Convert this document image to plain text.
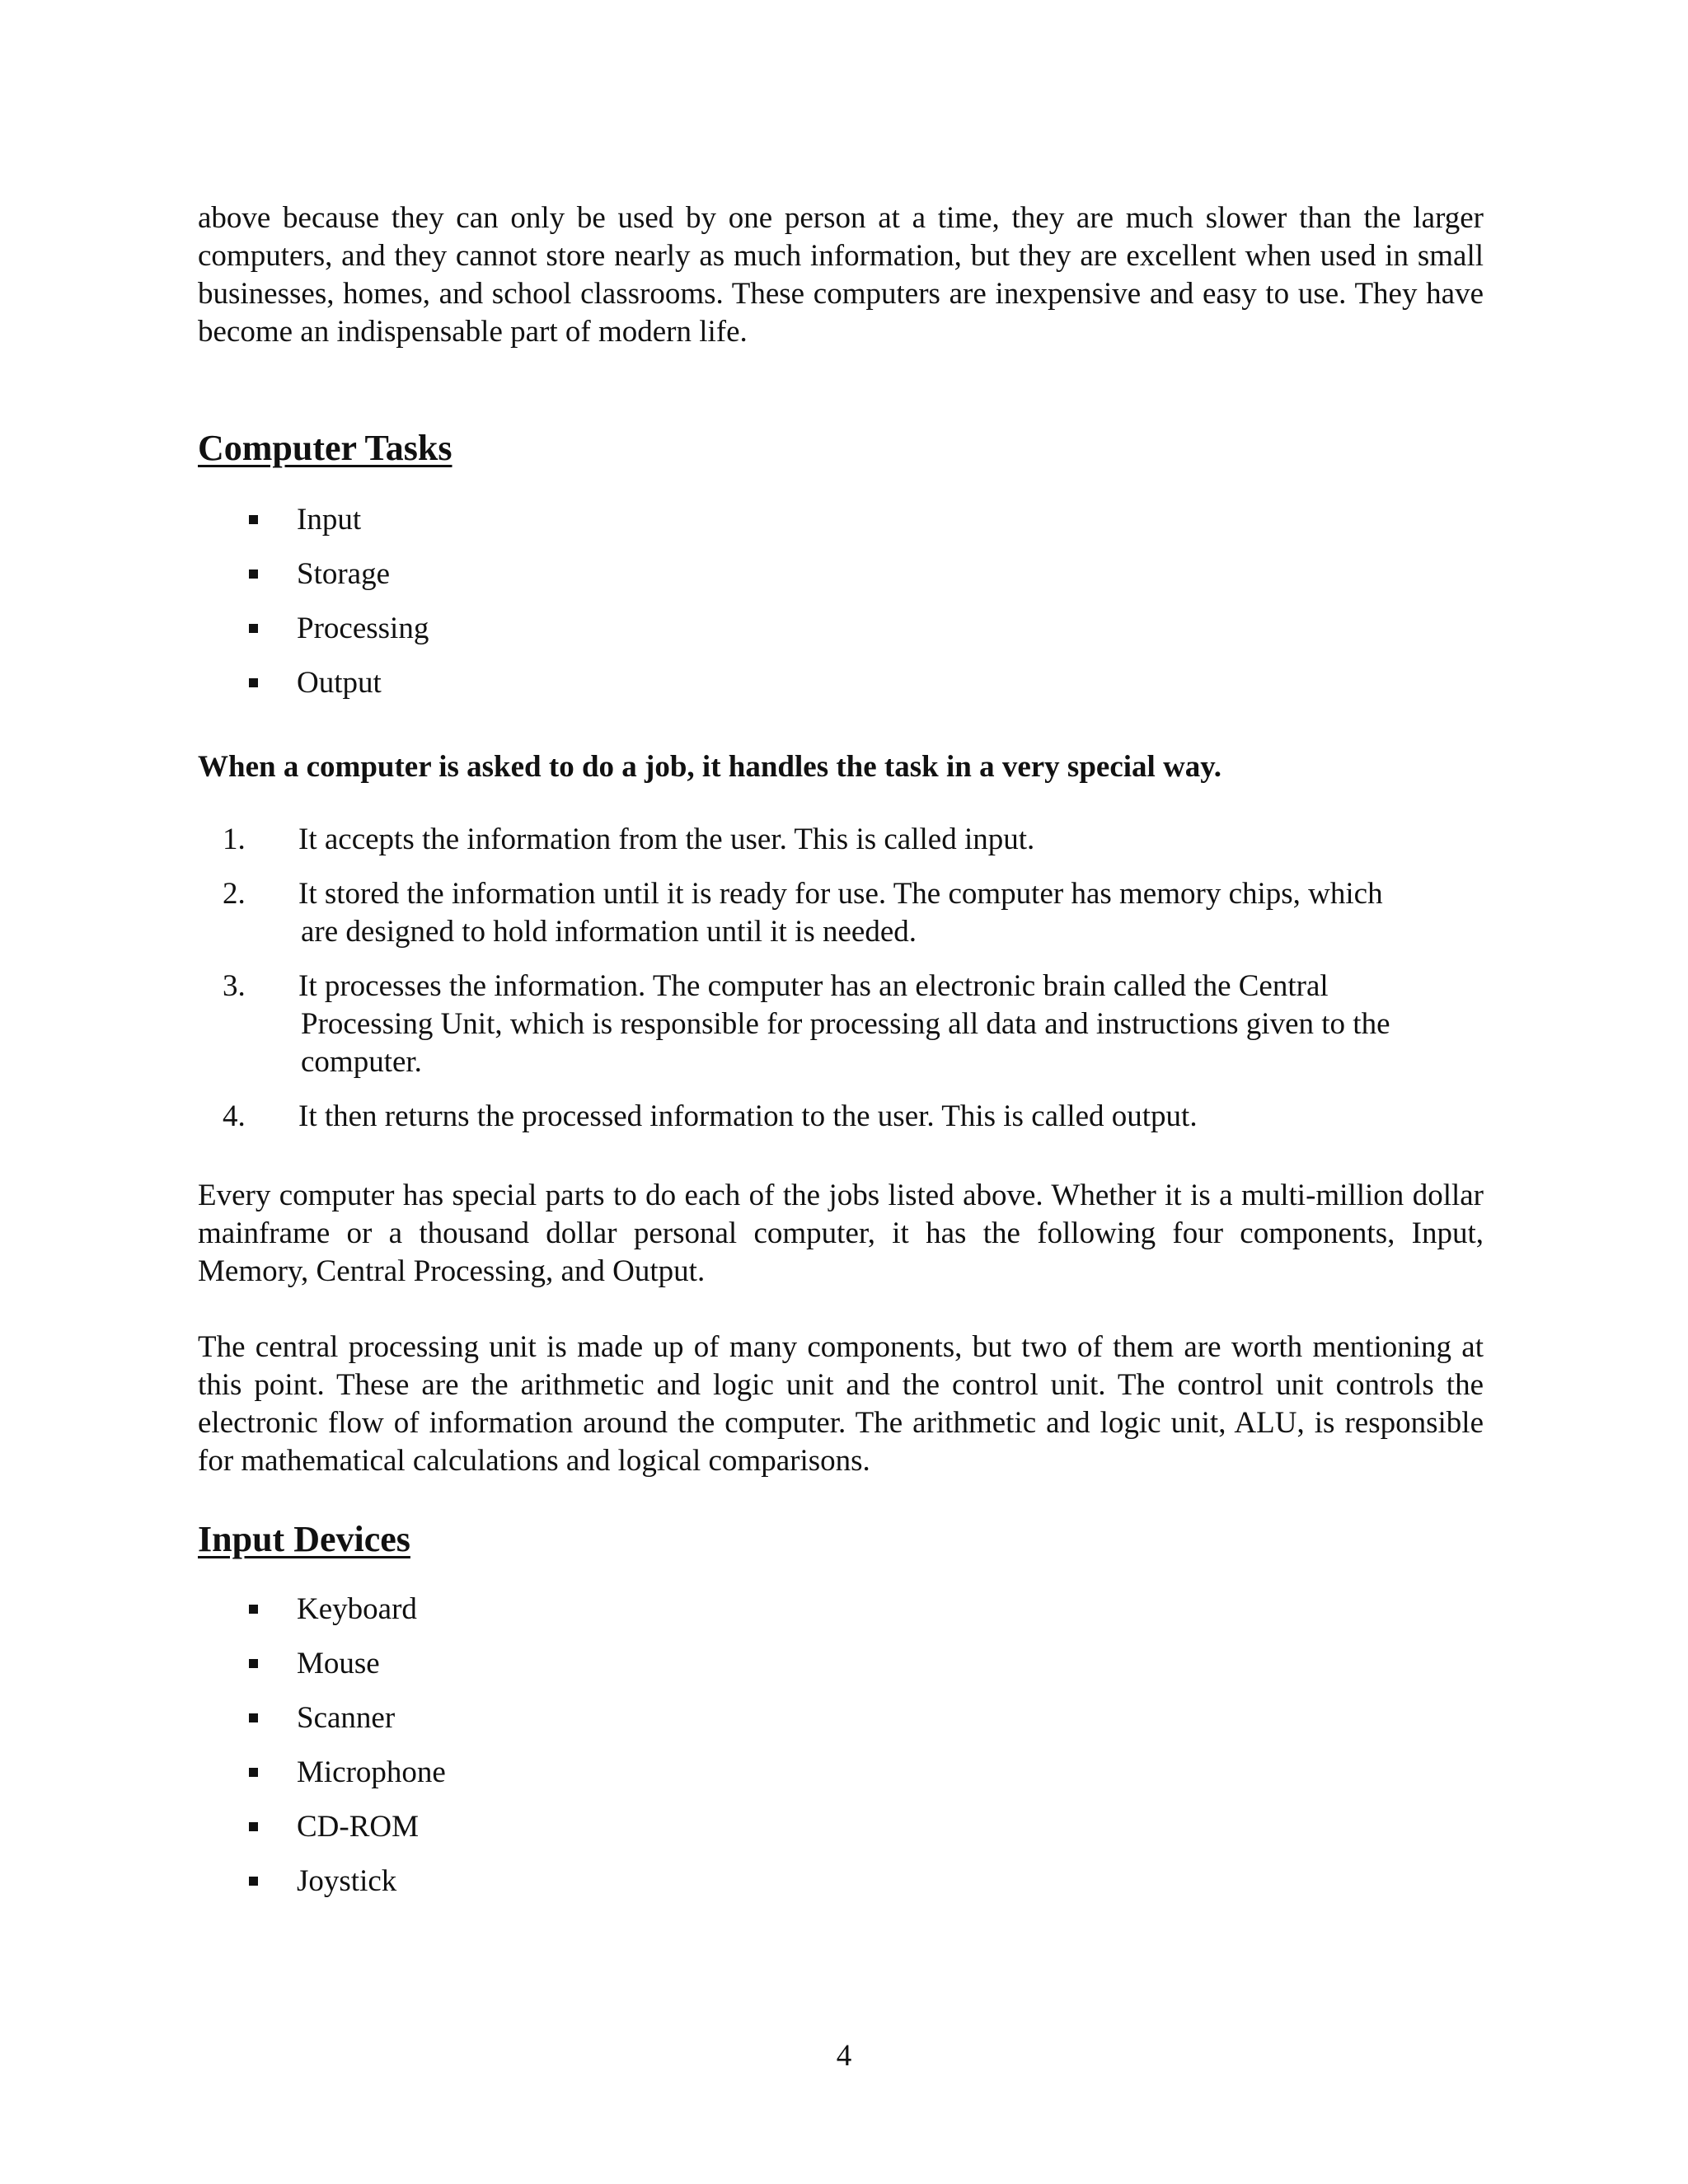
above because they can only be used by one person at a time, they are much slower than the larger computers, and they cannot store nearly as much information, but they are excellent when used in small businesses, homes, and school classrooms. These computers are inexpensive and easy to use. They have become an indispensable part of modern life.

Computer Tasks
Input
Storage
Processing
Output

When a computer is asked to do a job, it handles the task in a very special way.

1. It accepts the information from the user. This is called input.
2. It stored the information until it is ready for use. The computer has memory chips, which
are designed to hold information until it is needed.
3. It processes the information. The computer has an electronic brain called the Central
Processing Unit, which is responsible for processing all data and instructions given to the computer.
4. It then returns the processed information to the user. This is called output.

Every computer has special parts to do each of the jobs listed above. Whether it is a multi-million dollar mainframe or a thousand dollar personal computer, it has the following four components, Input, Memory, Central Processing, and Output.

The central processing unit is made up of many components, but two of them are worth mentioning at this point. These are the arithmetic and logic unit and the control unit. The control unit controls the electronic flow of information around the computer. The arithmetic and logic unit, ALU, is responsible for mathematical calculations and logical comparisons.

Input Devices
Keyboard
Mouse
Scanner
Microphone
CD-ROM
Joystick
4
